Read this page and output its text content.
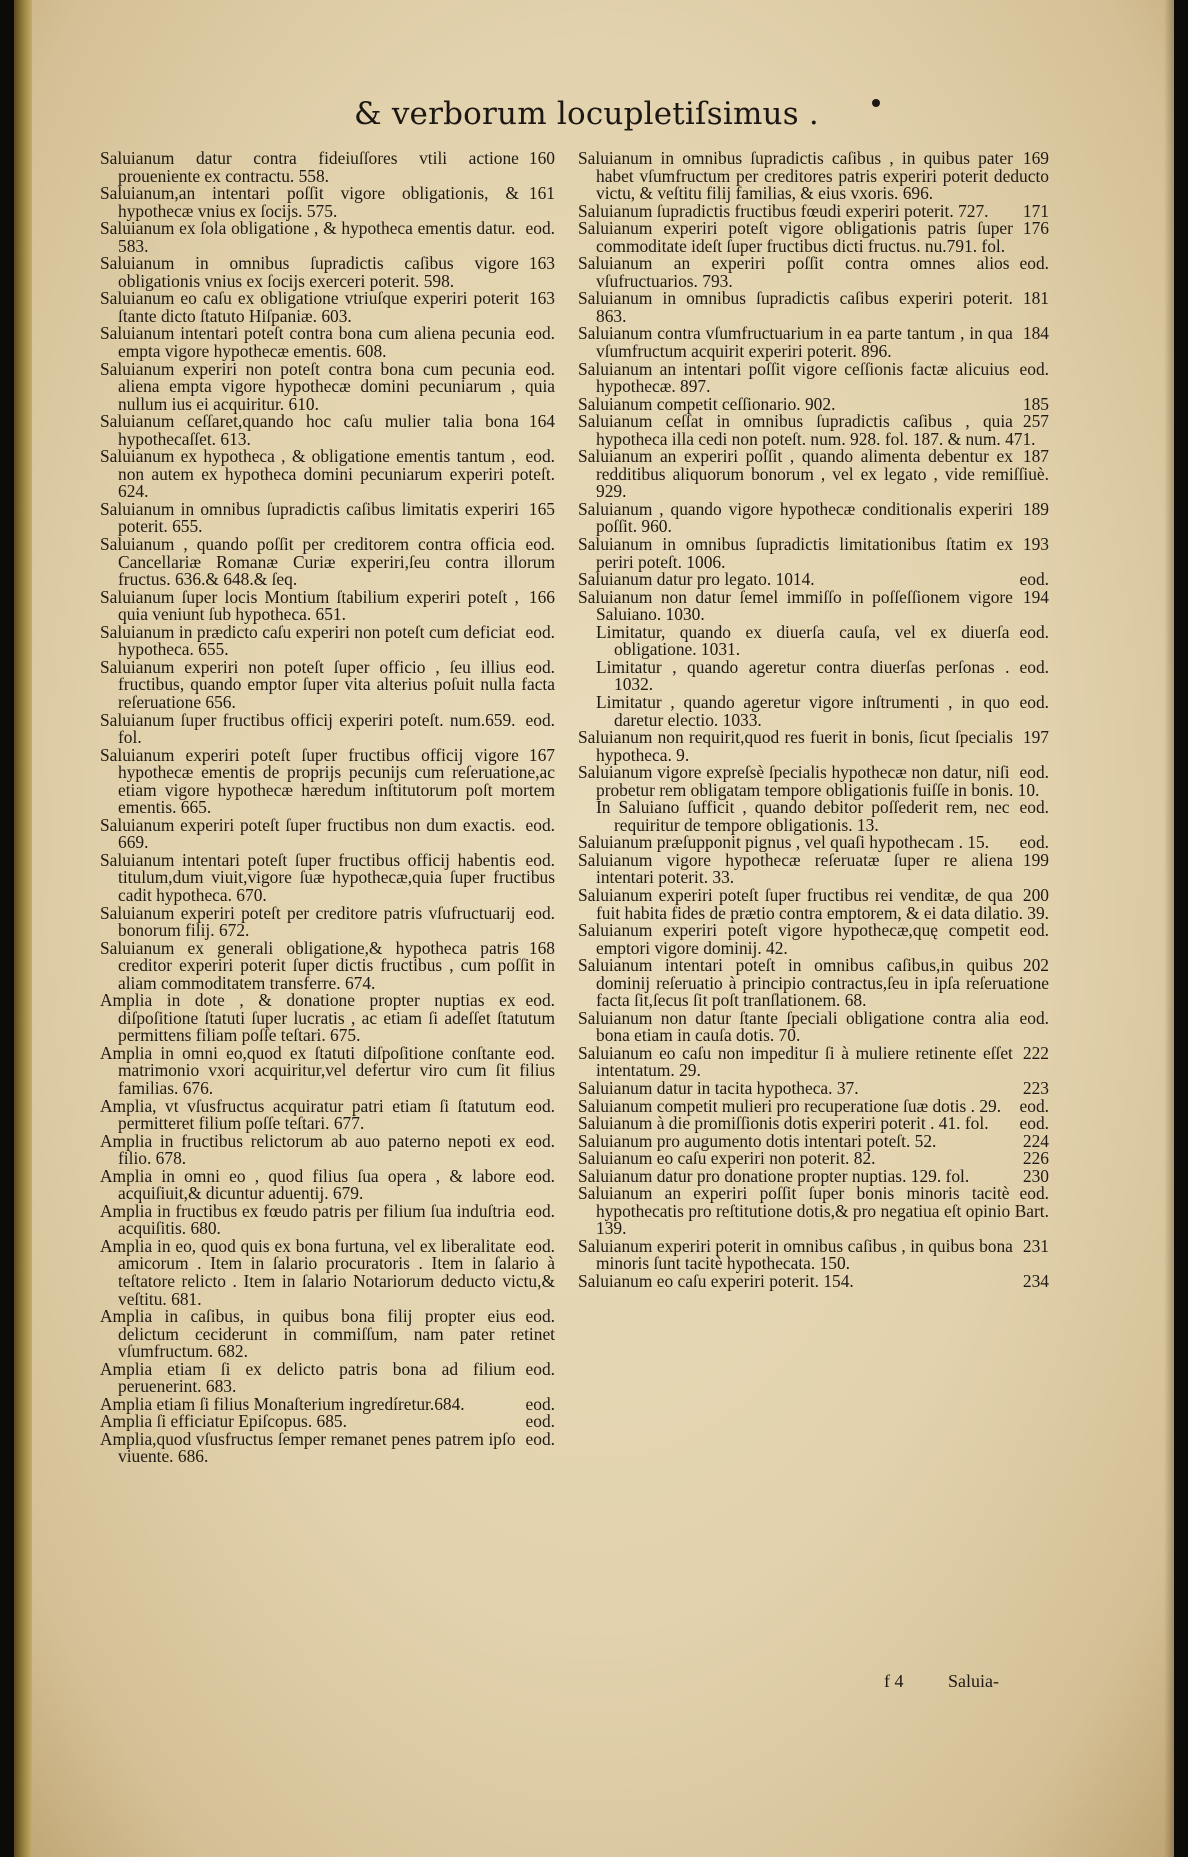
& verborum locupletiſsimus .

160
Saluianum datur contra fideiuſſores vtili actione proueniente ex contractu. 558.

161
Saluianum,an intentari poſſit vigore obligationis, & hypothecæ vnius ex ſocijs. 575.

eod.
Saluianum ex ſola obligatione , & hypotheca ementis datur. 583.

163
Saluianum in omnibus ſupradictis caſibus vigore obligationis vnius ex ſocijs exerceri poterit. 598.

163
Saluianum eo caſu ex obligatione vtriuſque experiri poterit ſtante dicto ſtatuto Hiſpaniæ. 603.

eod.
Saluianum intentari poteſt contra bona cum aliena pecunia empta vigore hypothecæ ementis. 608.

eod.
Saluianum experiri non poteſt contra bona cum pecunia aliena empta vigore hypothecæ domini pecuniarum , quia nullum ius ei acquiritur. 610.

164
Saluianum ceſſaret,quando hoc caſu mulier talia bona hypothecaſſet. 613.

eod.
Saluianum ex hypotheca , & obligatione ementis tantum , non autem ex hypotheca domini pecuniarum experiri poteſt. 624.

165
Saluianum in omnibus ſupradictis caſibus limitatis experiri poterit. 655.

eod.
Saluianum , quando poſſit per creditorem contra officia Cancellariæ Romanæ Curiæ experiri,ſeu contra illorum fructus. 636.& 648.& ſeq.

166
Saluianum ſuper locis Montium ſtabilium experiri poteſt , quia veniunt ſub hypotheca. 651.

eod.
Saluianum in prædicto caſu experiri non poteſt cum deficiat hypotheca. 655.

eod.
Saluianum experiri non poteſt ſuper officio , ſeu illius fructibus, quando emptor ſuper vita alterius poſuit nulla facta reſeruatione 656.

eod.
Saluianum ſuper fructibus officij experiri poteſt. num.659. fol.

167
Saluianum experiri poteſt ſuper fructibus officij vigore hypothecæ ementis de proprijs pecunijs cum reſeruatione,ac etiam vigore hypothecæ hæredum inſtitutorum poſt mortem ementis. 665.

eod.
Saluianum experiri poteſt ſuper fructibus non dum exactis. 669.

eod.
Saluianum intentari poteſt ſuper fructibus officij habentis titulum,dum viuit,vigore ſuæ hypothecæ,quia ſuper fructibus cadit hypotheca. 670.

eod.
Saluianum experiri poteſt per creditore patris vſufructuarij bonorum filij. 672.

168
Saluianum ex generali obligatione,& hypotheca patris creditor experiri poterit ſuper dictis fructibus , cum poſſit in aliam commoditatem transferre. 674.

eod.
Amplia in dote , & donatione propter nuptias ex diſpoſitione ſtatuti ſuper lucratis , ac etiam ſi adeſſet ſtatutum permittens filiam poſſe teſtari. 675.

eod.
Amplia in omni eo,quod ex ſtatuti diſpoſitione conſtante matrimonio vxori acquiritur,vel defertur viro cum ſit filius familias. 676.

eod.
Amplia, vt vſusfructus acquiratur patri etiam ſi ſtatutum permitteret filium poſſe teſtari. 677.

eod.
Amplia in fructibus relictorum ab auo paterno nepoti ex filio. 678.

eod.
Amplia in omni eo , quod filius ſua opera , & labore acquiſiuit,& dicuntur aduentij. 679.

eod.
Amplia in fructibus ex fœudo patris per filium ſua induſtria acquiſitis. 680.

eod.
Amplia in eo, quod quis ex bona furtuna, vel ex liberalitate amicorum . Item in ſalario procuratoris . Item in ſalario à teſtatore relicto . Item in ſalario Notariorum deducto victu,& veſtitu. 681.

eod.
Amplia in caſibus, in quibus bona filij propter eius delictum ceciderunt in commiſſum, nam pater retinet vſumfructum. 682.

eod.
Amplia etiam ſi ex delicto patris bona ad filium peruenerint. 683.

eod.
Amplia etiam ſi filius Monaſterium ingredíretur.684.

eod.
Amplia ſi efficiatur Epiſcopus. 685.

eod.
Amplia,quod vſusfructus ſemper remanet penes patrem ipſo viuente. 686.

169
Saluianum in omnibus ſupradictis caſibus , in quibus pater habet vſumfructum per creditores patris experiri poterit deducto victu, & veſtitu filij familias, & eius vxoris. 696.

171
Saluianum ſupradictis fructibus fœudi experiri poterit. 727.

176
Saluianum experiri poteſt vigore obligationis patris ſuper commoditate ideſt ſuper fructibus dicti fructus. nu.791. fol.

eod.
Saluianum an experiri poſſit contra omnes alios vſufructuarios. 793.

181
Saluianum in omnibus ſupradictis caſibus experiri poterit. 863.

184
Saluianum contra vſumfructuarium in ea parte tantum , in qua vſumfructum acquirit experiri poterit. 896.

eod.
Saluianum an intentari poſſit vigore ceſſionis factæ alicuius hypothecæ. 897.

185
Saluianum competit ceſſionario. 902.

257
Saluianum ceſſat in omnibus ſupradictis caſibus , quia hypotheca illa cedi non poteſt. num. 928. fol. 187. & num. 471.

187
Saluianum an experiri poſſit , quando alimenta debentur ex redditibus aliquorum bonorum , vel ex legato , vide remiſſiuè. 929.

189
Saluianum , quando vigore hypothecæ conditionalis experiri poſſit. 960.

193
Saluianum in omnibus ſupradictis limitationibus ſtatim ex periri poteſt. 1006.

eod.
Saluianum datur pro legato. 1014.

194
Saluianum non datur ſemel immiſſo in poſſeſſionem vigore Saluiano. 1030.

eod.
Limitatur, quando ex diuerſa cauſa, vel ex diuerſa obligatione. 1031.

eod.
Limitatur , quando ageretur contra diuerſas perſonas . 1032.

eod.
Limitatur , quando ageretur vigore inſtrumenti , in quo daretur electio. 1033.

197
Saluianum non requirit,quod res fuerit in bonis, ſicut ſpecialis hypotheca. 9.

eod.
Saluianum vigore expreſsè ſpecialis hypothecæ non datur, niſi probetur rem obligatam tempore obligationis fuiſſe in bonis. 10.

eod.
In Saluiano ſufficit , quando debitor poſſederit rem, nec requiritur de tempore obligationis. 13.

eod.
Saluianum præſupponit pignus , vel quaſi hypothecam . 15.

199
Saluianum vigore hypothecæ reſeruatæ ſuper re aliena intentari poterit. 33.

200
Saluianum experiri poteſt ſuper fructibus rei venditæ, de qua fuit habita fides de prætio contra emptorem, & ei data dilatio. 39.

eod.
Saluianum experiri poteſt vigore hypothecæ,quę competit emptori vigore dominij. 42.

202
Saluianum intentari poteſt in omnibus caſibus,in quibus dominij reſeruatio à principio contractus,ſeu in ipſa reſeruatione facta ſit,ſecus ſit poſt tranſlationem. 68.

eod.
Saluianum non datur ſtante ſpeciali obligatione contra alia bona etiam in cauſa dotis. 70.

222
Saluianum eo caſu non impeditur ſi à muliere retinente eſſet intentatum. 29.

223
Saluianum datur in tacita hypotheca. 37.

eod.
Saluianum competit mulieri pro recuperatione ſuæ dotis . 29.

eod.
Saluianum à die promiſſionis dotis experiri poterit . 41. fol.

224
Saluianum pro augumento dotis intentari poteſt. 52.

226
Saluianum eo caſu experiri non poterit. 82.

230
Saluianum datur pro donatione propter nuptias. 129. fol.

eod.
Saluianum an experiri poſſit ſuper bonis minoris tacitè hypothecatis pro reſtitutione dotis,& pro negatiua eſt opinio Bart. 139.

231
Saluianum experiri poterit in omnibus caſibus , in quibus bona minoris ſunt tacitè hypothecata. 150.

234
Saluianum eo caſu experiri poterit. 154.

f 4 Saluia-
